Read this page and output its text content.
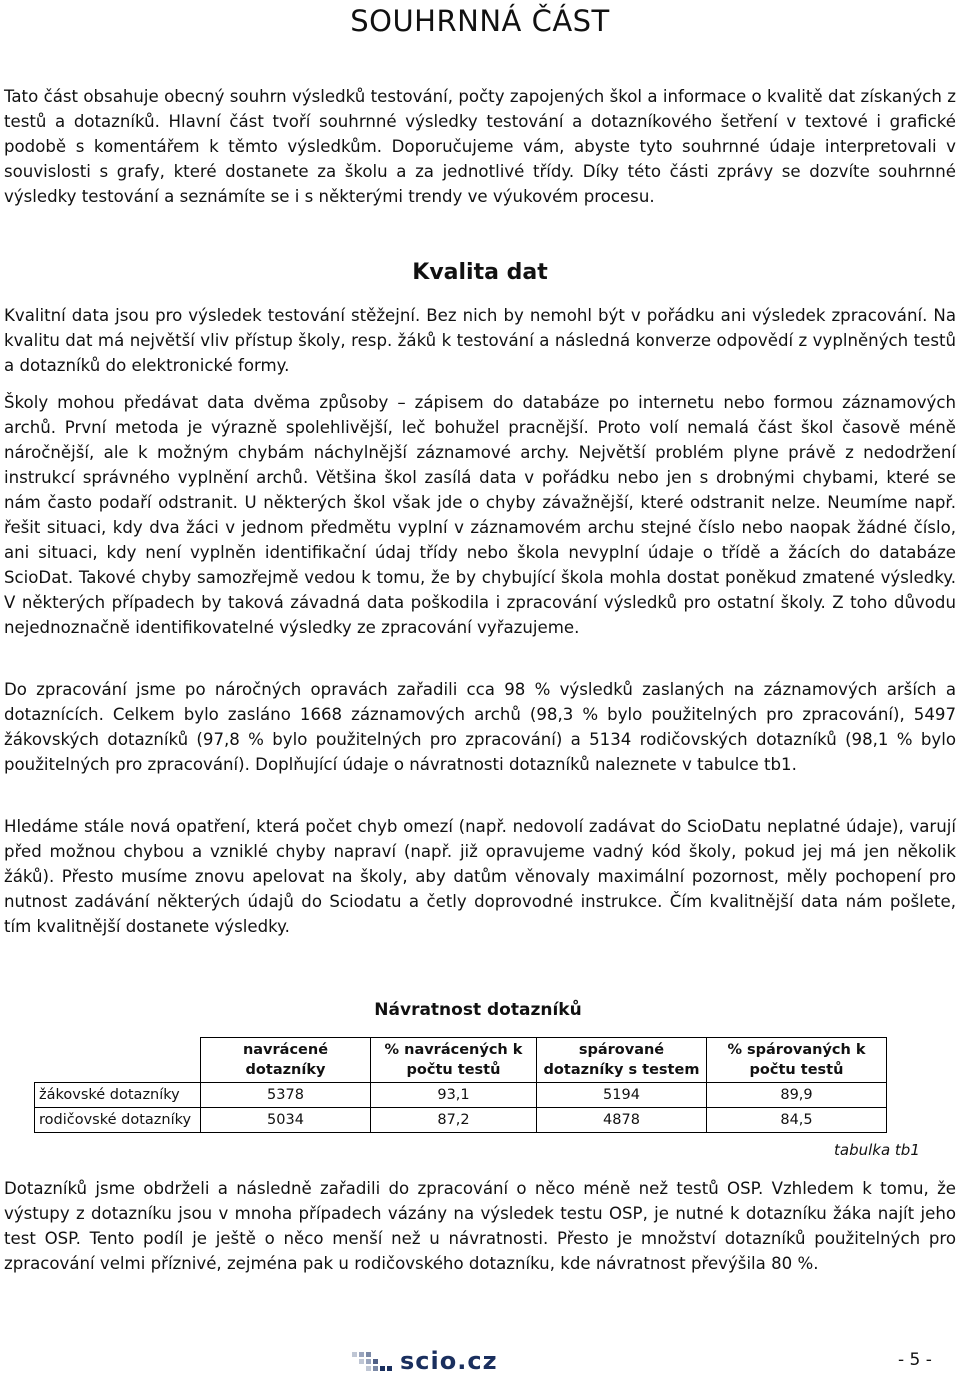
SOUHRNNÁ ČÁST

Tato část obsahuje obecný souhrn výsledků testování, počty zapojených škol a informace o kvalitě dat získaných z testů a dotazníků. Hlavní část tvoří souhrnné výsledky testování a dotazníkového šetření v textové i grafické podobě s komentářem k těmto výsledkům. Doporučujeme vám, abyste tyto souhrnné údaje interpretovali v souvislosti s grafy, které dostanete za školu a za jednotlivé třídy. Díky této části zprávy se dozvíte souhrnné výsledky testování a seznámíte se i s některými trendy ve výukovém procesu.

Kvalita dat

Kvalitní data jsou pro výsledek testování stěžejní. Bez nich by nemohl být v pořádku ani výsledek zpracování. Na kvalitu dat má největší vliv přístup školy, resp. žáků k testování a následná konverze odpovědí z vyplněných testů a dotazníků do elektronické formy.

Školy mohou předávat data dvěma způsoby – zápisem do databáze po internetu nebo formou záznamových archů. První metoda je výrazně spolehlivější, leč bohužel pracnější. Proto volí nemalá část škol časově méně náročnější, ale k možným chybám náchylnější záznamové archy. Největší problém plyne právě z nedodržení instrukcí správného vyplnění archů. Většina škol zasílá data v pořádku nebo jen s drobnými chybami, které se nám často podaří odstranit. U některých škol však jde o chyby závažnější, které odstranit nelze. Neumíme např. řešit situaci, kdy dva žáci v jednom předmětu vyplní v záznamovém archu stejné číslo nebo naopak žádné číslo, ani situaci, kdy není vyplněn identifikační údaj třídy nebo škola nevyplní údaje o třídě a žácích do databáze ScioDat. Takové chyby samozřejmě vedou k tomu, že by chybující škola mohla dostat poněkud zmatené výsledky. V některých případech by taková závadná data poškodila i zpracování výsledků pro ostatní školy. Z toho důvodu nejednoznačně identifikovatelné výsledky ze zpracování vyřazujeme.

Do zpracování jsme po náročných opravách zařadili cca 98 % výsledků zaslaných na záznamových arších a dotaznících. Celkem bylo zasláno 1668 záznamových archů (98,3 % bylo použitelných pro zpracování), 5497 žákovských dotazníků (97,8 % bylo použitelných pro zpracování) a 5134 rodičovských dotazníků (98,1 % bylo použitelných pro zpracování). Doplňující údaje o návratnosti dotazníků naleznete v tabulce tb1.

Hledáme stále nová opatření, která počet chyb omezí (např. nedovolí zadávat do ScioDatu neplatné údaje), varují před možnou chybou a vzniklé chyby napraví (např. již opravujeme vadný kód školy, pokud jej má jen několik žáků). Přesto musíme znovu apelovat na školy, aby datům věnovaly maximální pozornost, měly pochopení pro nutnost zadávání některých údajů do Sciodatu a četly doprovodné instrukce. Čím kvalitnější data nám pošlete, tím kvalitnější dostanete výsledky.

Návratnost dotazníků

	navrácené dotazníky	% navrácených k počtu testů	spárované dotazníky s testem	% spárovaných k počtu testů
žákovské dotazníky	5378	93,1	5194	89,9
rodičovské dotazníky	5034	87,2	4878	84,5

tabulka tb1

Dotazníků jsme obdrželi a následně zařadili do zpracování o něco méně než testů OSP. Vzhledem k tomu, že výstupy z dotazníku jsou v mnoha případech vázány na výsledek testu OSP, je nutné k dotazníku žáka najít jeho test OSP. Tento podíl je ještě o něco menší než u návratnosti. Přesto je množství dotazníků použitelných pro zpracování velmi příznivé, zejména pak u rodičovského dotazníku, kde návratnost převýšila 80 %.

scio.cz	- 5 -
